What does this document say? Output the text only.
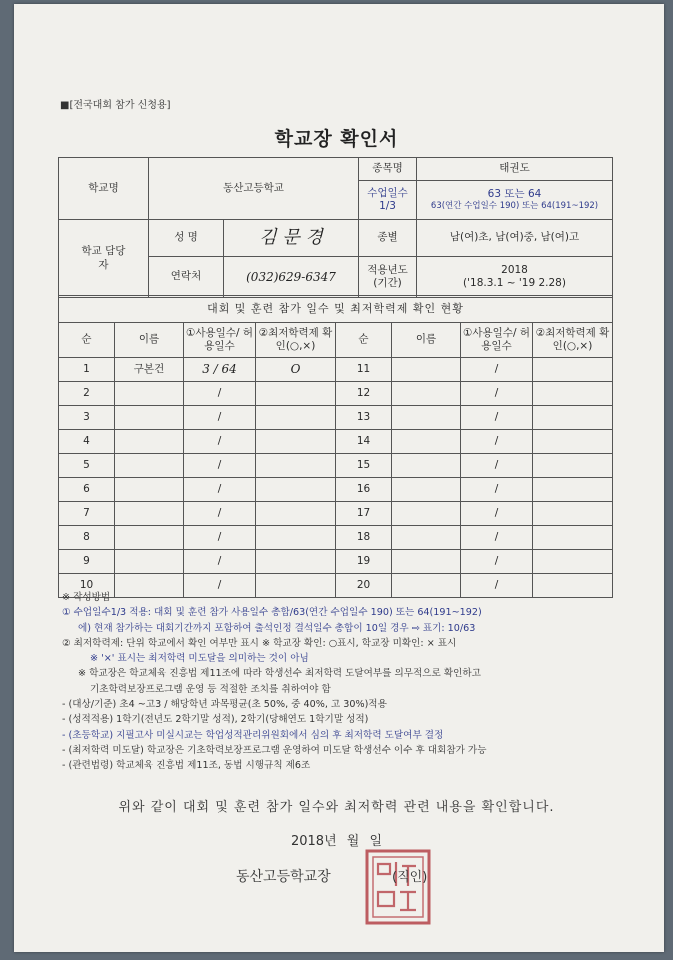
■[전국대회 참가 신청용]
학교장 확인서
학교명	동산고등학교		종목명	태권도
			수업일수 1/3	63 또는 64
63(연간 수업일수 190) 또는 64(191~192)

학교 담당자	성 명	김 문 경	종별	남(여)초, 남(여)중, 남(여)고
	연락처	(032)629-6347	적용년도 (기간)	2018
('18.3.1 ~ '19 2.28)
대회 및 훈련 참가 일수 및 최저학력제 확인 현황							
순	이름	①사용일수/ 허용일수	②최저학력제 확인(○,×)	순	이름	①사용일수/ 허용일수	②최저학력제 확인(○,×)
1	구본건	3 / 64	O	11		/	
2		/		12		/	
3		/		13		/	
4		/		14		/	
5		/		15		/	
6		/		16		/	
7		/		17		/	
8		/		18		/	
9		/		19		/	
10		/		20		/	
※ 작성방법
① 수업일수1/3 적용: 대회 및 훈련 참가 사용일수 총합/63(연간 수업일수 190) 또는 64(191~192)
에) 현재 참가하는 대회기간까지 포함하여 출석인정 결석일수 총합이 10일 경우 ⇨ 표기: 10/63
② 최저학력제: 단위 학교에서 확인 여부만 표시 ※ 학교장 확인: ○표시, 학교장 미확인: × 표시
※ '×' 표시는 최저학력 미도달을 의미하는 것이 아님
※ 학교장은 학교체육 진흥법 제11조에 따라 학생선수 최저학력 도달여부를 의무적으로 확인하고
기초학력보장프로그램 운영 등 적절한 조치를 취하여야 함
- (대상/기준) 초4 ~고3 / 해당학년 과목평균(초 50%, 중 40%, 고 30%)적용
- (성적적용) 1학기(전년도 2학기말 성적), 2학기(당해연도 1학기말 성적)
- (초등학교) 지필고사 미실시교는 학업성적관리위원회에서 심의 후 최저학력 도달여부 결정
- (최저학력 미도달) 학교장은 기초학력보장프로그램 운영하여 미도달 학생선수 이수 후 대회참가 가능
- (관련법령) 학교체육 진흥법 제11조, 동법 시행규칙 제6조
위와 같이 대회 및 훈련 참가 일수와 최저학력 관련 내용을 확인합니다.
2018년 월 일
동산고등학교장	(직인)
